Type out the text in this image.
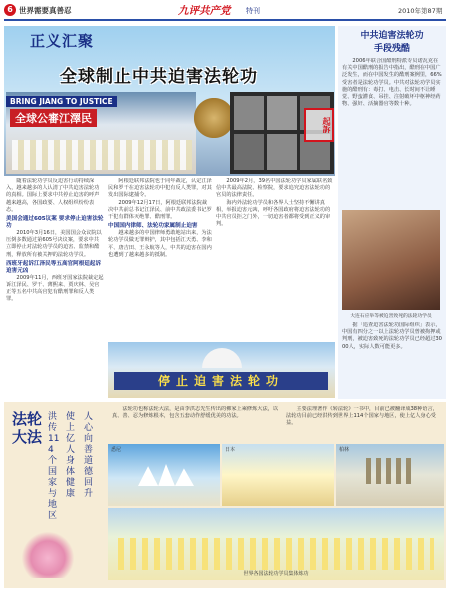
6 世界需要真善忍	九评共产党 特刊	2010年第87期
正义汇聚
全球制止中共迫害法轮功
BRING JIANG TO JUSTICE
全球公審江澤民	起訴
　　随着法轮功学员反迫害行动持续深入，越来越多的人认清了中共迫害法轮功的真相。国际上要求中共停止迫害的呼声越来越高，各国政要、人权组织纷纷表态。
美国会通过605议案 要求停止迫害法轮功
　　2010年3月16日，美国国会众议院以压倒多数通过第605号决议案，要求中共立即停止对法轮功学员的迫害、监禁和酷刑，释放所有被关押的法轮功学员。
西班牙起诉江泽民等五高官阿根廷起诉迫害元凶
　　2009年11月，西班牙国家法院裁定起诉江泽民、罗干、薄熙来、贾庆林、吴官正等五名中共高官犯有酷刑罪和反人类罪。
　　阿根廷联邦法院也于同年裁定，认定江泽民和罗干在迫害法轮功中犯有反人类罪，对其发出国际逮捕令。
　　2009年12月17日，阿根廷联邦法院裁决中共前总书记江泽民、前中共政法委书记罗干犯有群体灭绝罪、酷刑罪。
中国国内律师、法轮功家属制止迫害
　　越来越多的中国律师勇敢地站出来，为法轮功学员做无罪辩护，其中包括江天勇、李和平、唐吉田、王永航等人，中共的迫害在国内也遭到了越来越多的抵制。
　　2009年2月，39名中国法轮功学员家属联名致信中共最高法院、检察院，要求追究迫害法轮功的官员的法律责任。
　　海内外法轮功学员和各界人士坚持不懈讲真相，举报迫害元凶，呼吁各国政府将迫害法轮功的中共官员拒之门外，一切迫害者都将受到正义的审判。
停止迫害法轮功
中共迫害法轮功
手段残酷
　　2006年联合国酷刑特派专员诺瓦克在有关中国酷刑的报告中指出，酷刑在中国广泛发生，而在中国发生的酷刑案例里，66%受害者是法轮功学员。中共对法轮功学员实施的酷刑有：毒打、电击、长时间不让睡觉、野蛮灌食、吊挂、注射破坏中枢神经药物、强奸、活摘器官等数十种。
大连石应举等被迫害致死的法轮功学员
　　据「追查迫害法轮功国际组织」表示，中国有四分之一以上法轮功学员曾被拘押或判刑，被迫害致死的法轮功学员已经超过3000人，实际人数可能更多。
法轮大法
洪传114个国家与地区
使上亿人身体健康
人心向善 道德回升
　　法轮功也称法轮大法，是由李洪志先生传出的佛家上乘修炼大法，以真、善、忍为修炼根本，包含五套动作舒缓优美的功法。
　　主要法理著作《转法轮》一书中，目前已被翻译成38种语言，法轮功目前已经洪传到世界上114个国家与地区，使上亿人身心受益。
悉尼	日本	柏林
世界各国法轮功学员集体炼功
